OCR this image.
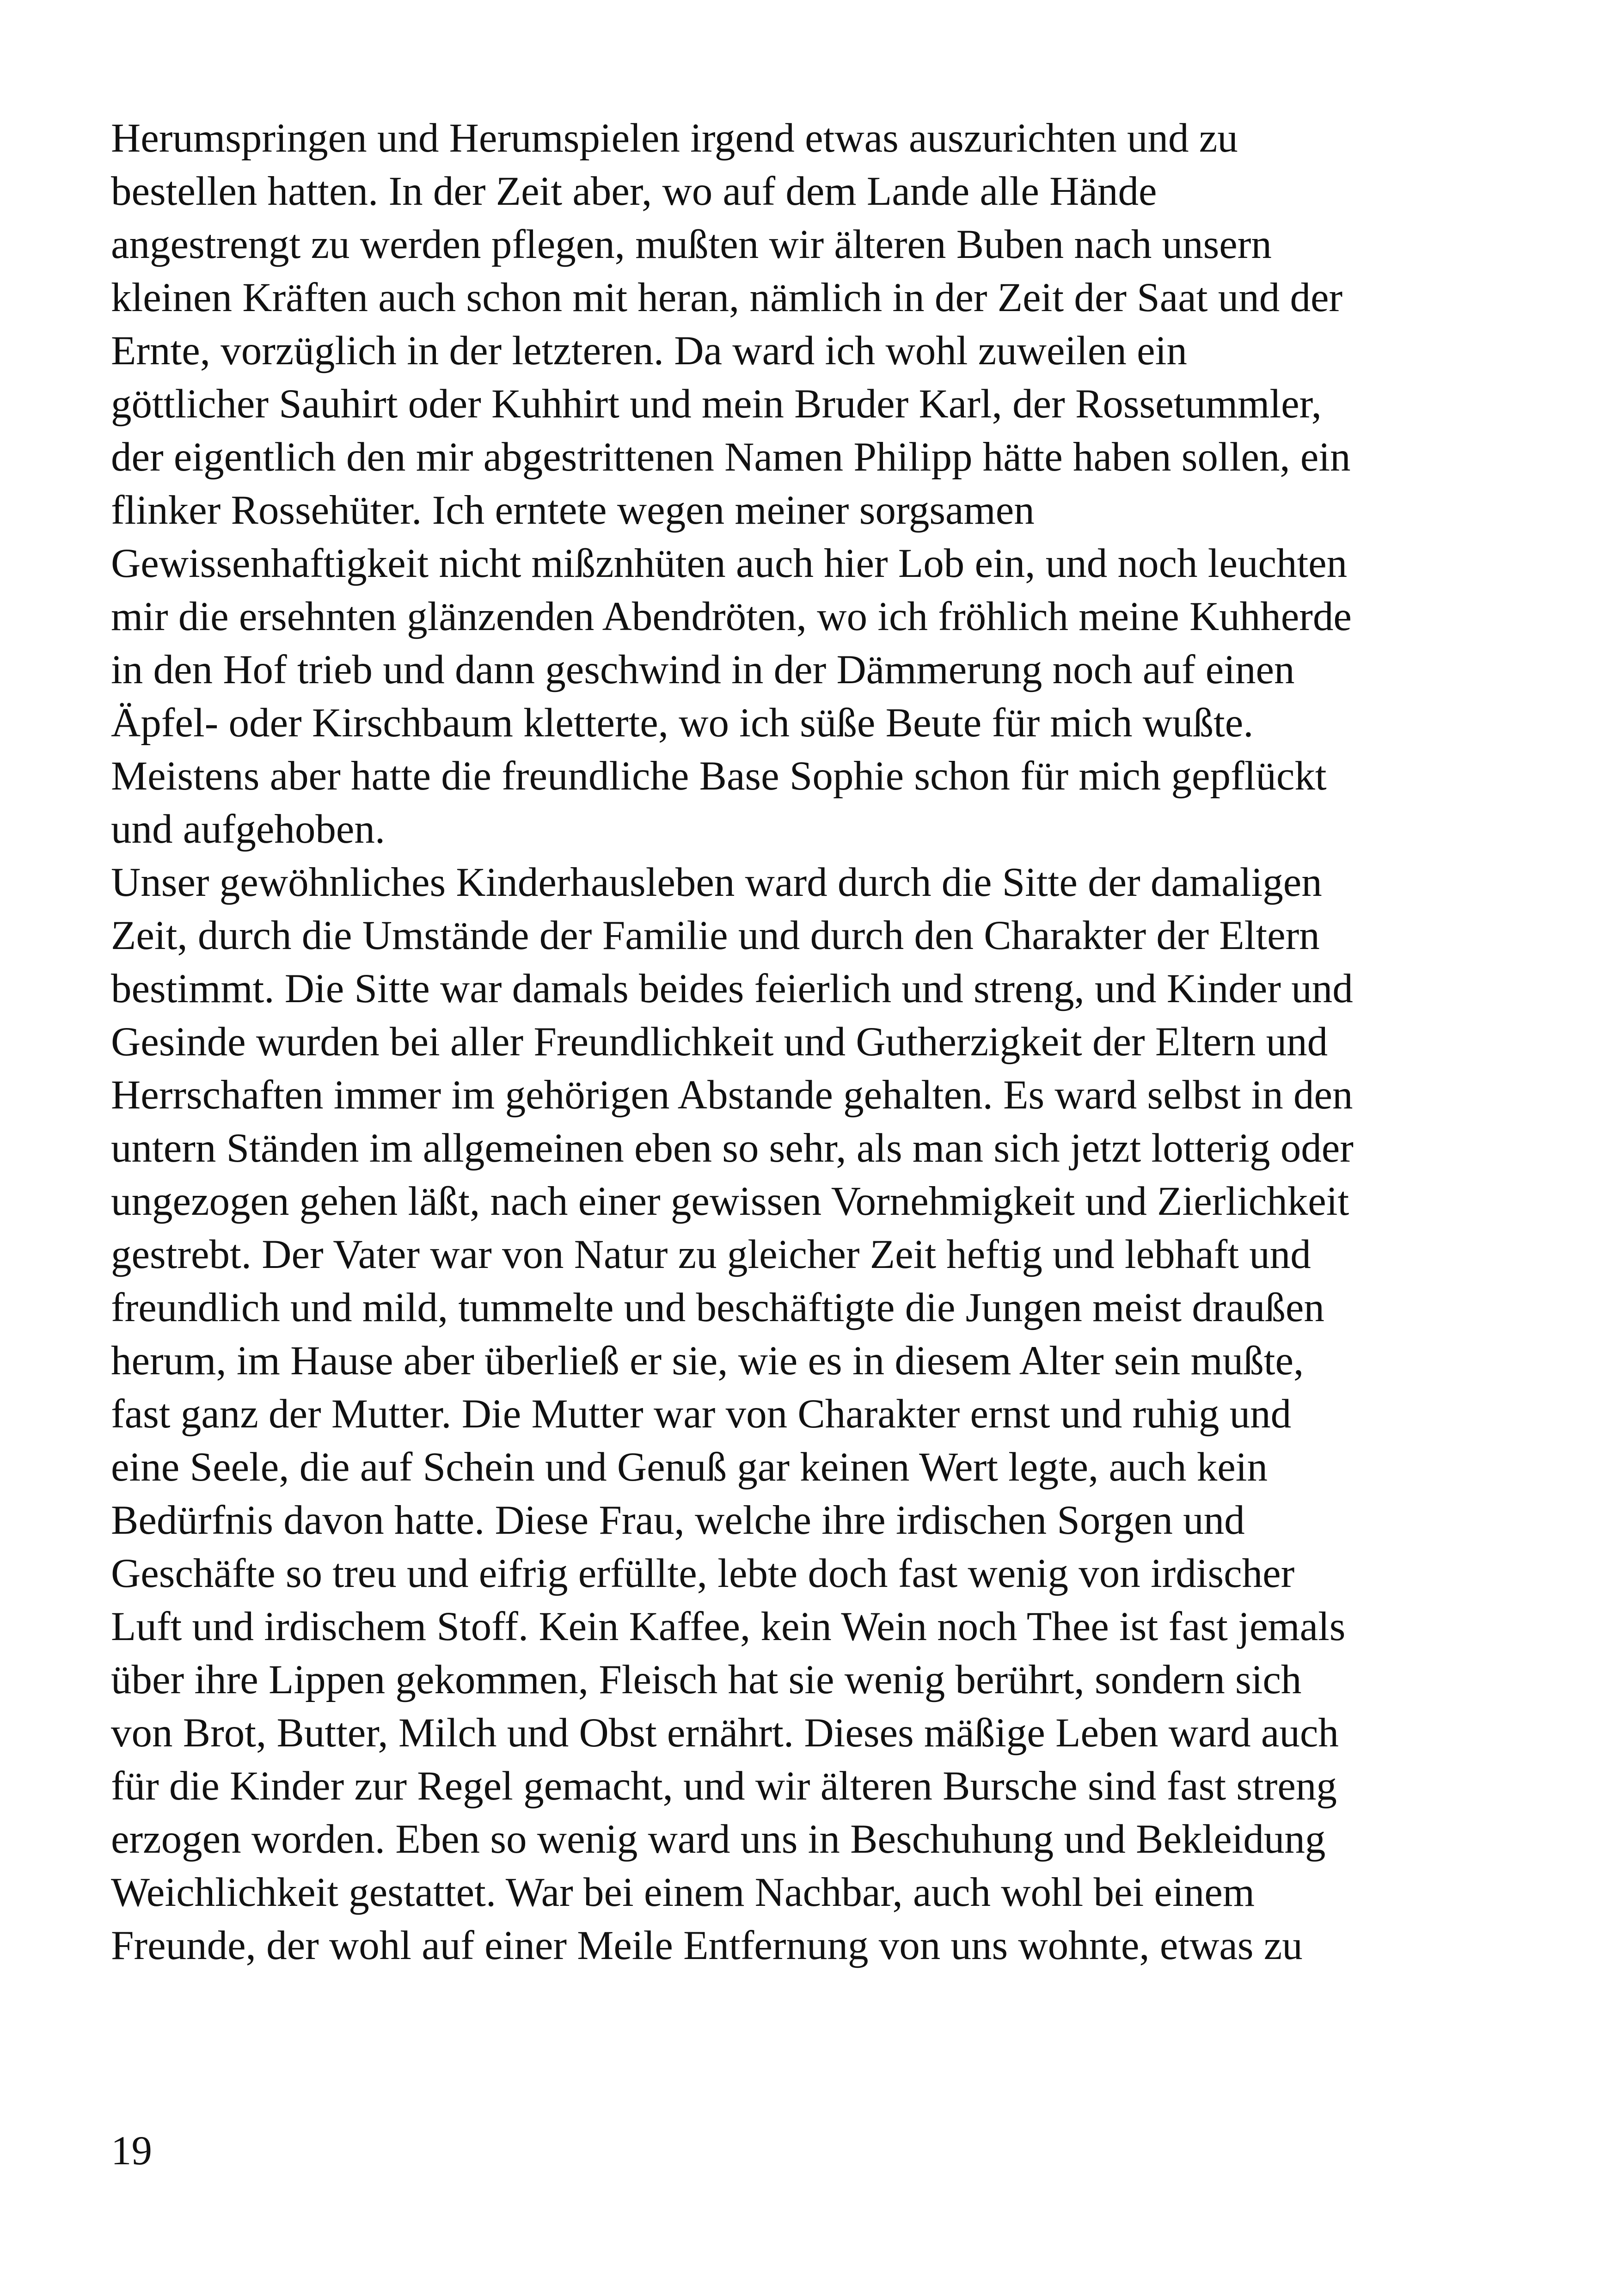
Herumspringen und Herumspielen irgend etwas auszurichten und zu
bestellen hatten. In der Zeit aber, wo auf dem Lande alle Hände
angestrengt zu werden pflegen, mußten wir älteren Buben nach unsern
kleinen Kräften auch schon mit heran, nämlich in der Zeit der Saat und der
Ernte, vorzüglich in der letzteren. Da ward ich wohl zuweilen ein
göttlicher Sauhirt oder Kuhhirt und mein Bruder Karl, der Rossetummler,
der eigentlich den mir abgestrittenen Namen Philipp hätte haben sollen, ein
flinker Rossehüter. Ich erntete wegen meiner sorgsamen
Gewissenhaftigkeit nicht mißznhüten auch hier Lob ein, und noch leuchten
mir die ersehnten glänzenden Abendröten, wo ich fröhlich meine Kuhherde
in den Hof trieb und dann geschwind in der Dämmerung noch auf einen
Äpfel- oder Kirschbaum kletterte, wo ich süße Beute für mich wußte.
Meistens aber hatte die freundliche Base Sophie schon für mich gepflückt
und aufgehoben.
Unser gewöhnliches Kinderhausleben ward durch die Sitte der damaligen
Zeit, durch die Umstände der Familie und durch den Charakter der Eltern
bestimmt. Die Sitte war damals beides feierlich und streng, und Kinder und
Gesinde wurden bei aller Freundlichkeit und Gutherzigkeit der Eltern und
Herrschaften immer im gehörigen Abstande gehalten. Es ward selbst in den
untern Ständen im allgemeinen eben so sehr, als man sich jetzt lotterig oder
ungezogen gehen läßt, nach einer gewissen Vornehmigkeit und Zierlichkeit
gestrebt. Der Vater war von Natur zu gleicher Zeit heftig und lebhaft und
freundlich und mild, tummelte und beschäftigte die Jungen meist draußen
herum, im Hause aber überließ er sie, wie es in diesem Alter sein mußte,
fast ganz der Mutter. Die Mutter war von Charakter ernst und ruhig und
eine Seele, die auf Schein und Genuß gar keinen Wert legte, auch kein
Bedürfnis davon hatte. Diese Frau, welche ihre irdischen Sorgen und
Geschäfte so treu und eifrig erfüllte, lebte doch fast wenig von irdischer
Luft und irdischem Stoff. Kein Kaffee, kein Wein noch Thee ist fast jemals
über ihre Lippen gekommen, Fleisch hat sie wenig berührt, sondern sich
von Brot, Butter, Milch und Obst ernährt. Dieses mäßige Leben ward auch
für die Kinder zur Regel gemacht, und wir älteren Bursche sind fast streng
erzogen worden. Eben so wenig ward uns in Beschuhung und Bekleidung
Weichlichkeit gestattet. War bei einem Nachbar, auch wohl bei einem
Freunde, der wohl auf einer Meile Entfernung von uns wohnte, etwas zu
19
